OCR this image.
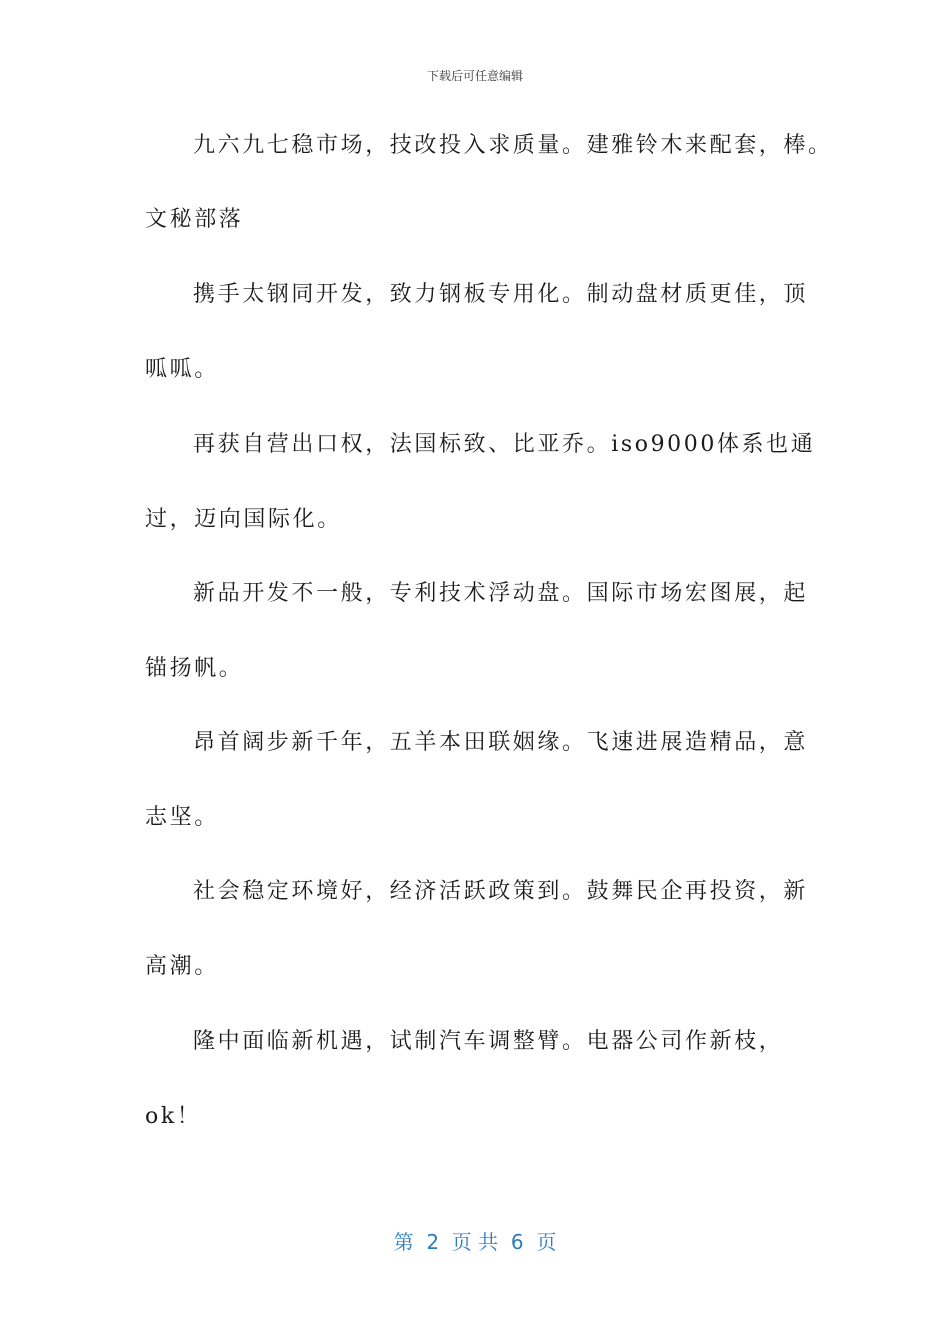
下载后可任意编辑
九六九七稳市场，技改投入求质量。建雅铃木来配套，棒。
文秘部落
携手太钢同开发，致力钢板专用化。制动盘材质更佳，顶
呱呱。
再获自营出口权，法国标致、比亚乔。iso9000体系也通
过，迈向国际化。
新品开发不一般，专利技术浮动盘。国际市场宏图展，起
锚扬帆。
昂首阔步新千年，五羊本田联姻缘。飞速进展造精品，意
志坚。
社会稳定环境好，经济活跃政策到。鼓舞民企再投资，新
高潮。
隆中面临新机遇，试制汽车调整臂。电器公司作新枝，
ok！
第  2  页 共  6  页
